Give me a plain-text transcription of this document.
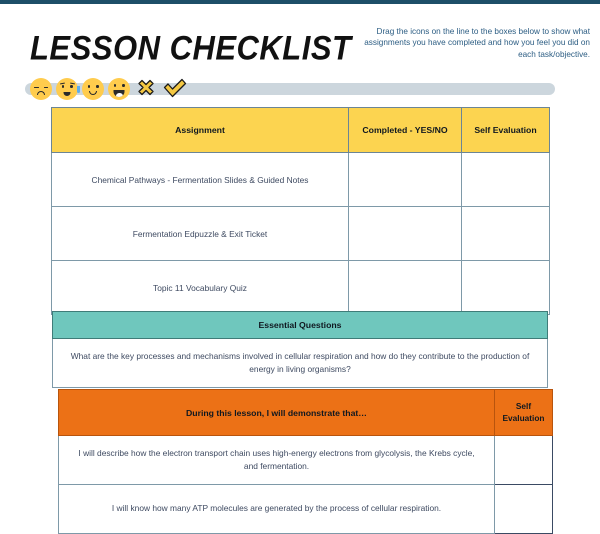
LESSON CHECKLIST	Drag the icons on the line to the boxes below to show what assignments you have completed and how you feel you did on each task/objective.
Assignment	Completed - YES/NO	Self Evaluation
Chemical Pathways - Fermentation Slides & Guided Notes		
Fermentation Edpuzzle & Exit Ticket		
Topic 11 Vocabulary Quiz		
Essential Questions
What are the key processes and mechanisms involved in cellular respiration and how do they contribute to the production of energy in living organisms?
During this lesson, I will demonstrate that…	Self Evaluation
I will describe how the electron transport chain uses high-energy electrons from glycolysis, the Krebs cycle, and fermentation.	
I will know how many ATP molecules are generated by the process of cellular respiration.	
